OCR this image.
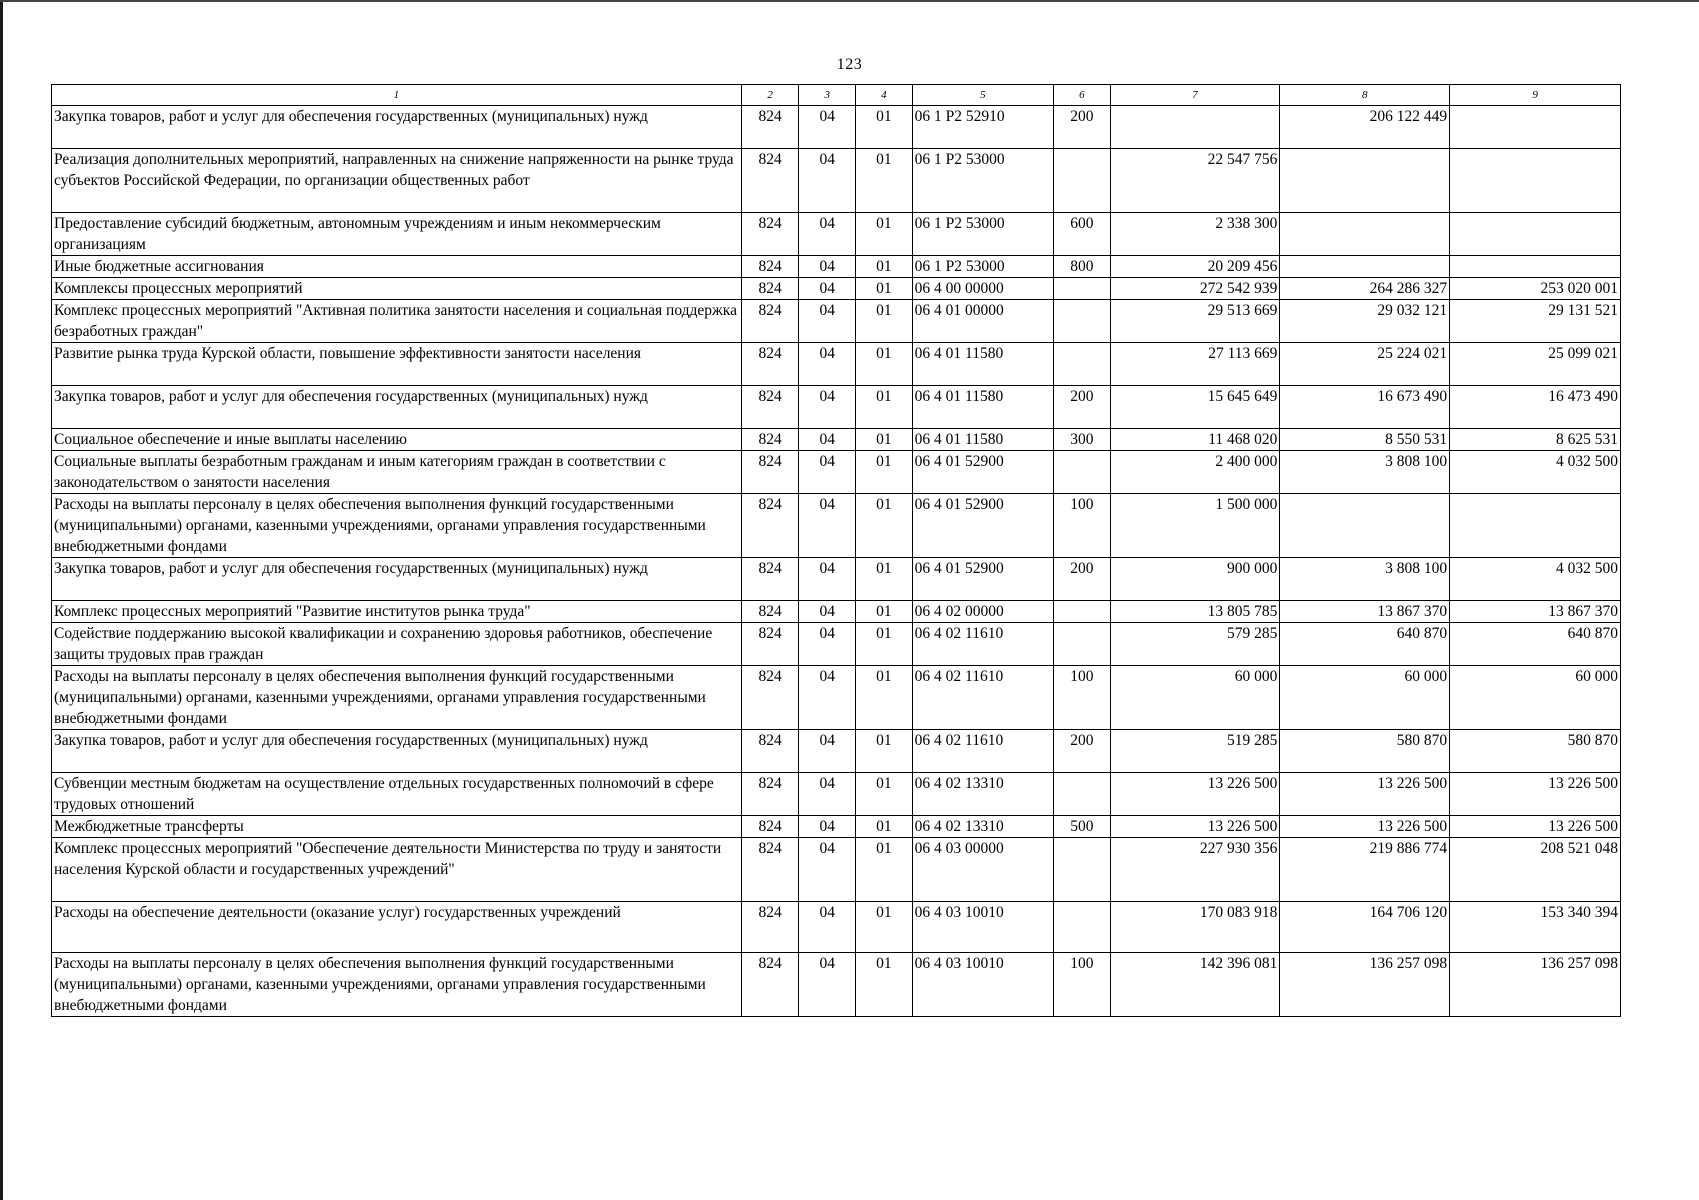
123
1	2	3	4	5	6	7	8	9
Закупка товаров, работ и услуг для обеспечения государственных (муниципальных) нужд	824	04	01	06 1 P2 52910	200		206 122 449	
Реализация дополнительных мероприятий, направленных на снижение напряженности на рынке труда субъектов Российской Федерации, по организации общественных работ	824	04	01	06 1 P2 53000		22 547 756		
Предоставление субсидий бюджетным, автономным учреждениям и иным некоммерческим организациям	824	04	01	06 1 P2 53000	600	2 338 300		
Иные бюджетные ассигнования	824	04	01	06 1 P2 53000	800	20 209 456		
Комплексы процессных мероприятий	824	04	01	06 4 00 00000		272 542 939	264 286 327	253 020 001
Комплекс процессных мероприятий "Активная политика занятости населения и социальная поддержка безработных граждан"	824	04	01	06 4 01 00000		29 513 669	29 032 121	29 131 521
Развитие рынка труда Курской области, повышение эффективности занятости населения	824	04	01	06 4 01 11580		27 113 669	25 224 021	25 099 021
Закупка товаров, работ и услуг для обеспечения государственных (муниципальных) нужд	824	04	01	06 4 01 11580	200	15 645 649	16 673 490	16 473 490
Социальное обеспечение и иные выплаты населению	824	04	01	06 4 01 11580	300	11 468 020	8 550 531	8 625 531
Социальные выплаты безработным гражданам и иным категориям граждан в соответствии с законодательством о занятости населения	824	04	01	06 4 01 52900		2 400 000	3 808 100	4 032 500
Расходы на выплаты персоналу в целях обеспечения выполнения функций государственными (муниципальными) органами, казенными учреждениями, органами управления государственными внебюджетными фондами	824	04	01	06 4 01 52900	100	1 500 000		
Закупка товаров, работ и услуг для обеспечения государственных (муниципальных) нужд	824	04	01	06 4 01 52900	200	900 000	3 808 100	4 032 500
Комплекс процессных мероприятий "Развитие институтов рынка труда"	824	04	01	06 4 02 00000		13 805 785	13 867 370	13 867 370
Содействие поддержанию высокой квалификации и сохранению здоровья работников, обеспечение защиты трудовых прав граждан	824	04	01	06 4 02 11610		579 285	640 870	640 870
Расходы на выплаты персоналу в целях обеспечения выполнения функций государственными (муниципальными) органами, казенными учреждениями, органами управления государственными внебюджетными фондами	824	04	01	06 4 02 11610	100	60 000	60 000	60 000
Закупка товаров, работ и услуг для обеспечения государственных (муниципальных) нужд	824	04	01	06 4 02 11610	200	519 285	580 870	580 870
Субвенции местным бюджетам на осуществление отдельных государственных полномочий в сфере трудовых отношений	824	04	01	06 4 02 13310		13 226 500	13 226 500	13 226 500
Межбюджетные трансферты	824	04	01	06 4 02 13310	500	13 226 500	13 226 500	13 226 500
Комплекс процессных мероприятий "Обеспечение деятельности Министерства по труду и занятости населения Курской области и государственных учреждений"	824	04	01	06 4 03 00000		227 930 356	219 886 774	208 521 048
Расходы на обеспечение деятельности (оказание услуг) государственных учреждений	824	04	01	06 4 03 10010		170 083 918	164 706 120	153 340 394
Расходы на выплаты персоналу в целях обеспечения выполнения функций государственными (муниципальными) органами, казенными учреждениями, органами управления государственными внебюджетными фондами	824	04	01	06 4 03 10010	100	142 396 081	136 257 098	136 257 098
